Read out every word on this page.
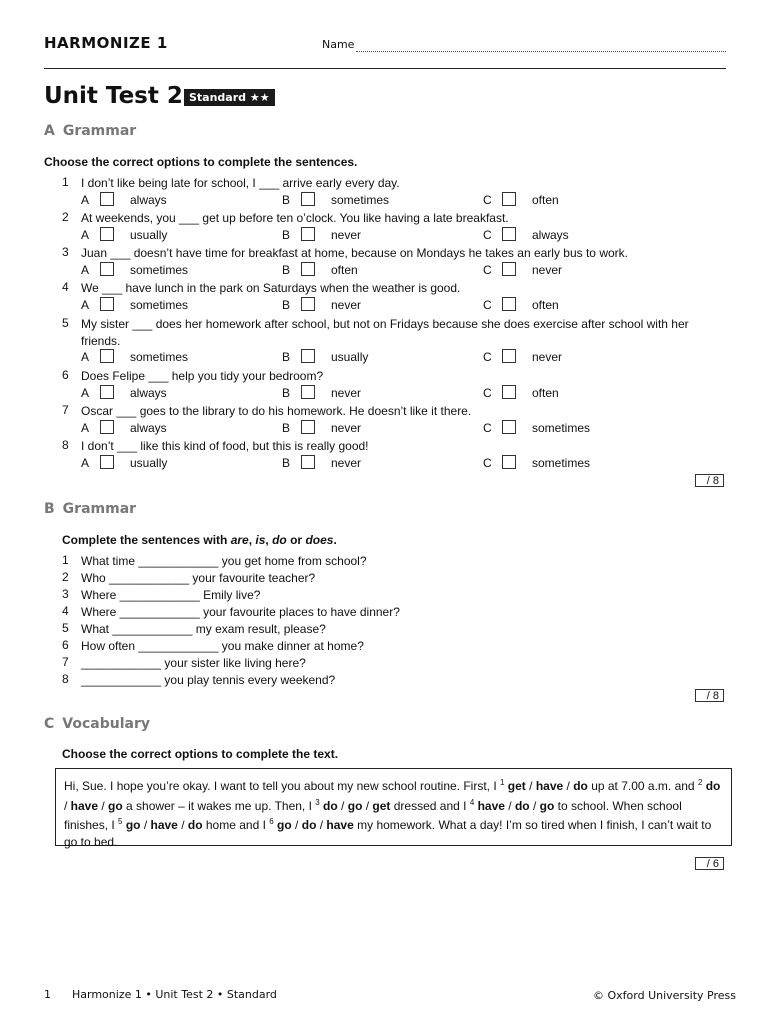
HARMONIZE 1	Name
Unit Test 2 Standard ★★
A Grammar
Choose the correct options to complete the sentences.
1 I don’t like being late for school, I ___ arrive early every day.
A	always	B	sometimes	C	often
2 At weekends, you ___ get up before ten o’clock. You like having a late breakfast.
A	usually	B	never	C	always
3 Juan ___ doesn’t have time for breakfast at home, because on Mondays he takes an early bus to work.
A	sometimes	B	often	C	never
4 We ___ have lunch in the park on Saturdays when the weather is good.
A	sometimes	B	never	C	often
5 My sister ___ does her homework after school, but not on Fridays because she does exercise after school with her friends.
A	sometimes	B	usually	C	never
6 Does Felipe ___ help you tidy your bedroom?
A	always	B	never	C	often
7 Oscar ___ goes to the library to do his homework. He doesn’t like it there.
A	always	B	never	C	sometimes
8 I don’t ___ like this kind of food, but this is really good!
A	usually	B	never	C	sometimes
/ 8
B Grammar
Complete the sentences with are, is, do or does.
1 What time ____________ you get home from school?
2 Who ____________ your favourite teacher?
3 Where ____________ Emily live?
4 Where ____________ your favourite places to have dinner?
5 What ____________ my exam result, please?
6 How often ____________ you make dinner at home?
7 ____________ your sister like living here?
8 ____________ you play tennis every weekend?
/ 8
C Vocabulary
Choose the correct options to complete the text.
Hi, Sue. I hope you’re okay. I want to tell you about my new school routine. First, I $^1$ get / have / do up at 7.00 a.m. and $^2$ do / have / go a shower – it wakes me up. Then, I $^3$ do / go / get dressed and I $^4$ have / do / go to school. When school finishes, I $^5$ go / have / do home and I $^6$ go / do / have my homework. What a day! I’m so tired when I finish, I can’t wait to go to bed.
/ 6
1 Harmonize 1 • Unit Test 2 • Standard	© Oxford University Press
